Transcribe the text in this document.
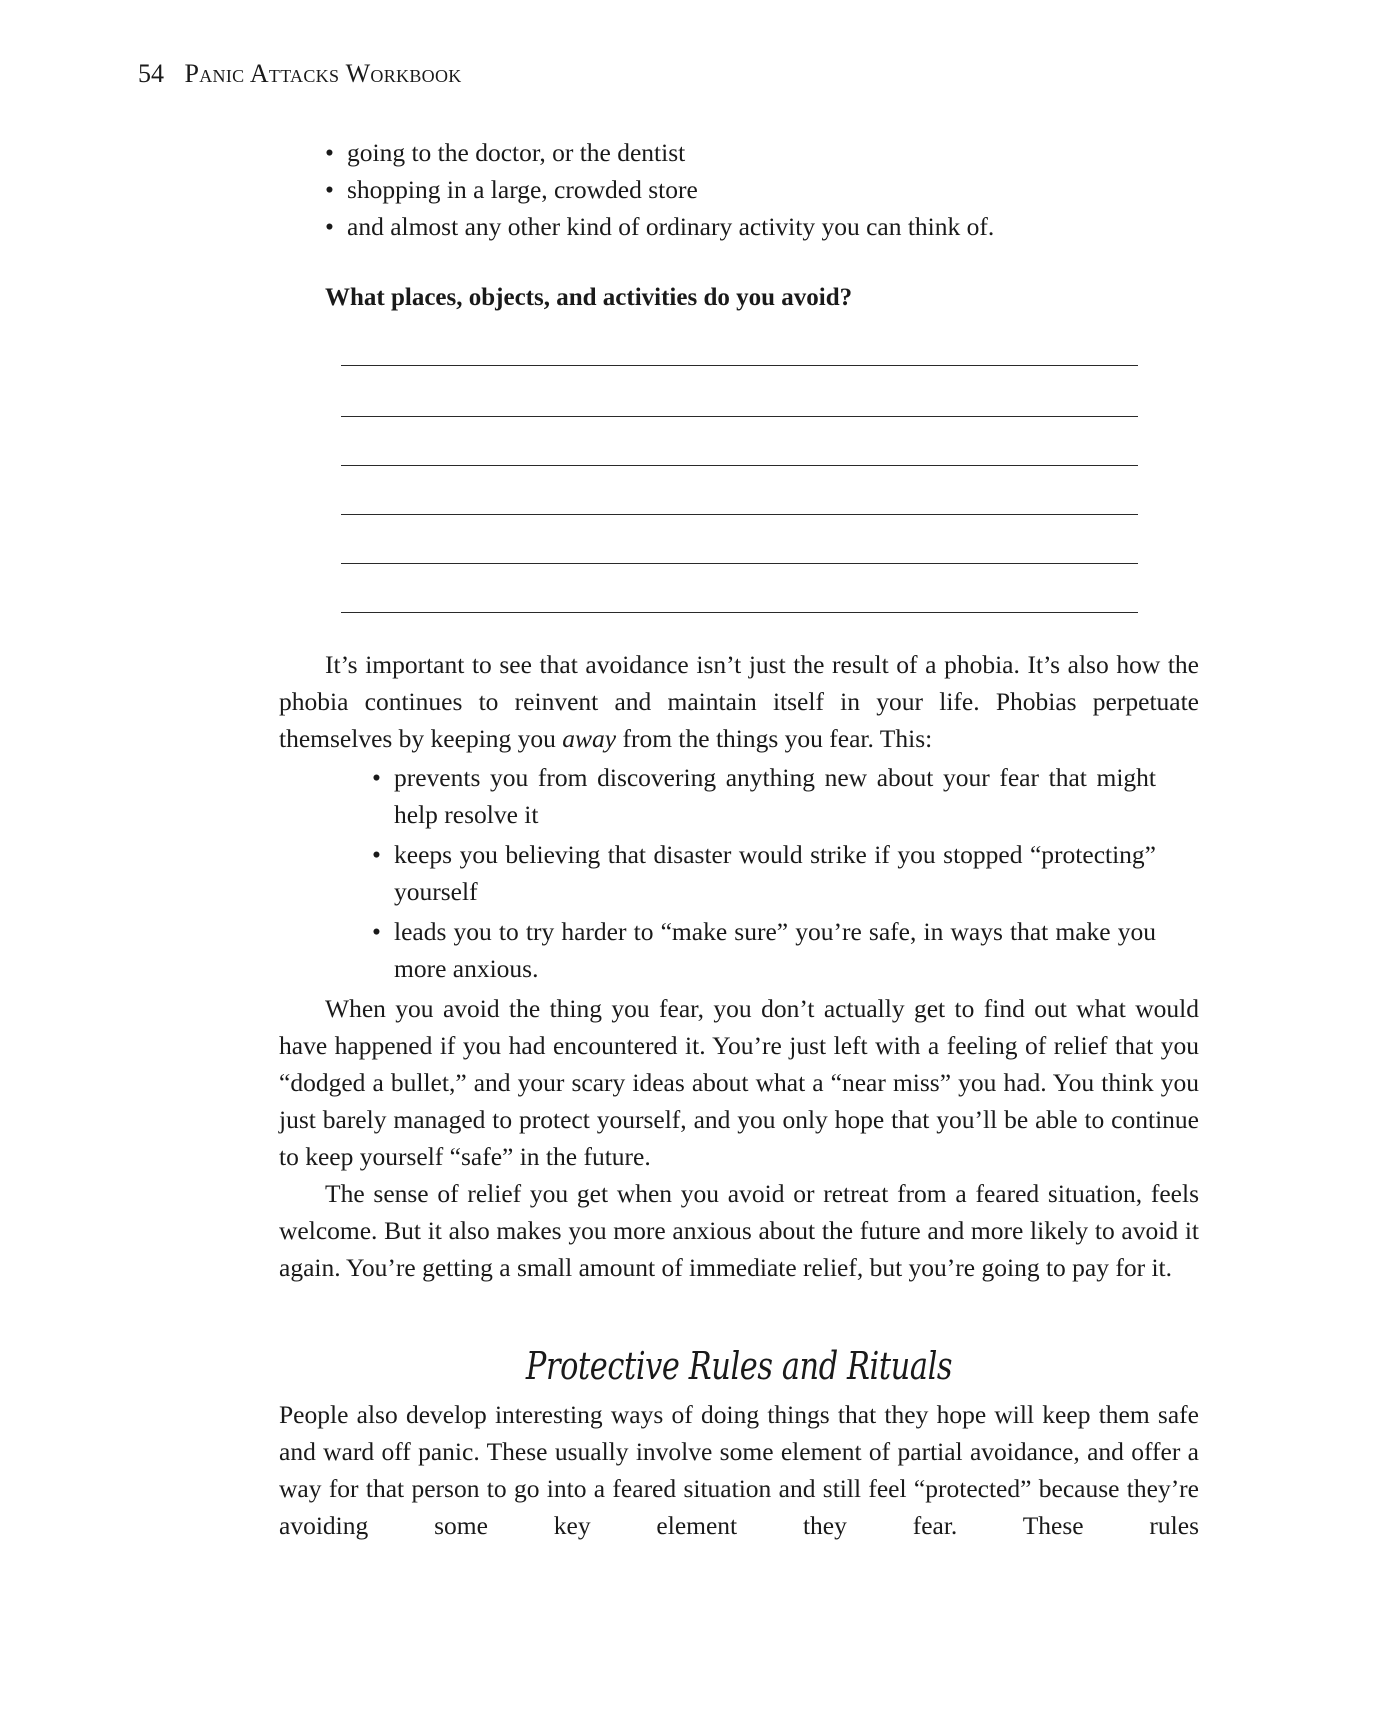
54 Panic Attacks Workbook
• going to the doctor, or the dentist
• shopping in a large, crowded store
• and almost any other kind of ordinary activity you can think of.
What places, objects, and activities do you avoid?

It’s important to see that avoidance isn’t just the result of a phobia. It’s also how the phobia continues to reinvent and maintain itself in your life. Phobias perpetuate themselves by keeping you away from the things you fear. This:

• prevents you from discovering anything new about your fear that might help resolve it
• keeps you believing that disaster would strike if you stopped “protecting” yourself
• leads you to try harder to “make sure” you’re safe, in ways that make you more anxious.

When you avoid the thing you fear, you don’t actually get to find out what would have happened if you had encountered it. You’re just left with a feeling of relief that you “dodged a bullet,” and your scary ideas about what a “near miss” you had. You think you just barely managed to protect yourself, and you only hope that you’ll be able to continue to keep yourself “safe” in the future.

The sense of relief you get when you avoid or retreat from a feared situation, feels welcome. But it also makes you more anxious about the future and more likely to avoid it again. You’re getting a small amount of immediate relief, but you’re going to pay for it.

Protective Rules and Rituals

People also develop interesting ways of doing things that they hope will keep them safe and ward off panic. These usually involve some element of partial avoidance, and offer a way for that person to go into a feared situation and still feel “protected” because they’re avoiding some key element they fear. These rules
